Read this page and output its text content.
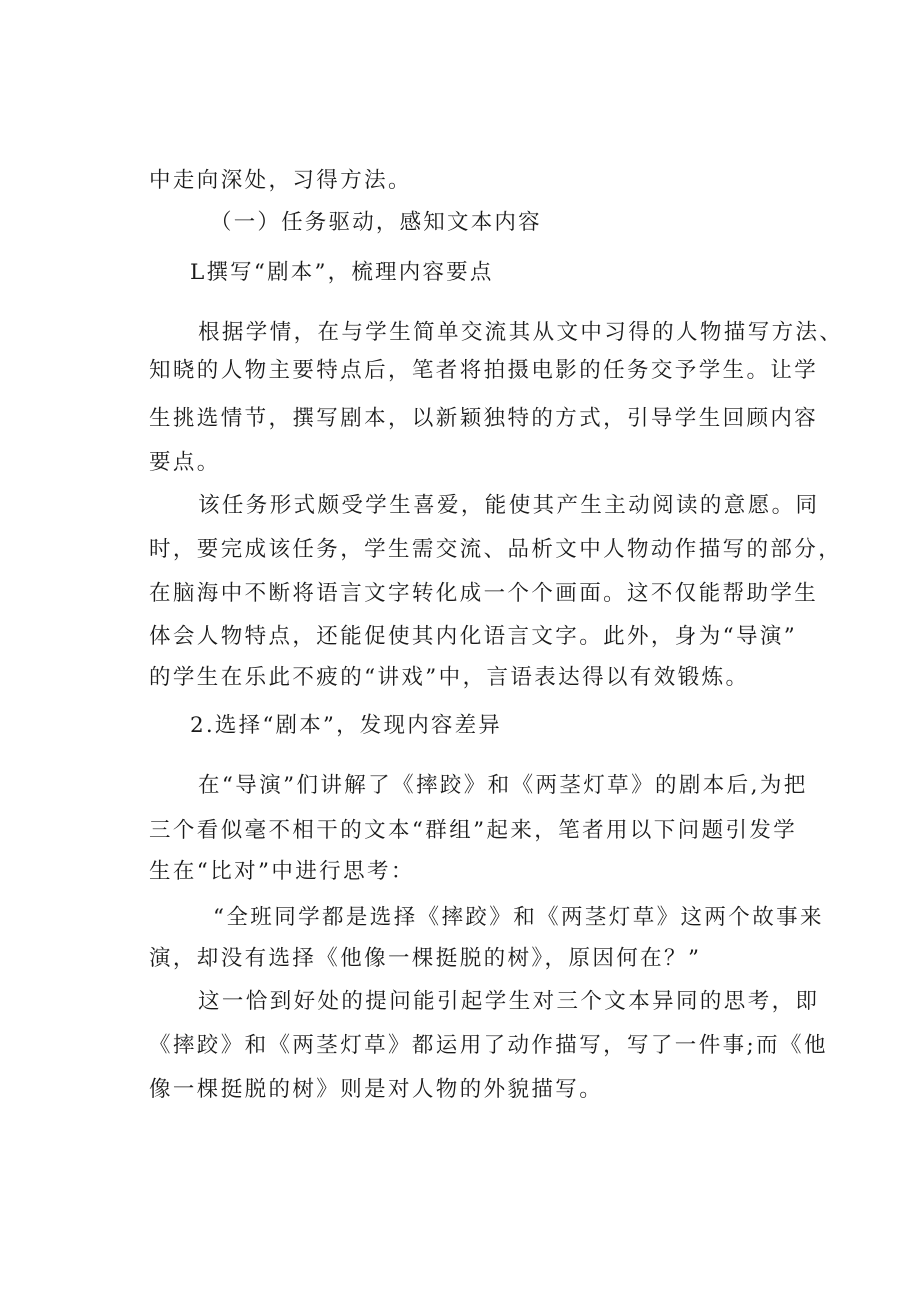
中走向深处，习得方法。
（一）任务驱动，感知文本内容
L撰写“剧本”，梳理内容要点
根据学情，在与学生简单交流其从文中习得的人物描写方法、
知晓的人物主要特点后，笔者将拍摄电影的任务交予学生。让学
生挑选情节，撰写剧本，以新颖独特的方式，引导学生回顾内容
要点。
该任务形式颇受学生喜爱，能使其产生主动阅读的意愿。同
时，要完成该任务，学生需交流、品析文中人物动作描写的部分，
在脑海中不断将语言文字转化成一个个画面。这不仅能帮助学生
体会人物特点，还能促使其内化语言文字。此外，身为“导演”
的学生在乐此不疲的“讲戏”中，言语表达得以有效锻炼。
2.选择“剧本”，发现内容差异
在“导演”们讲解了《摔跤》和《两茎灯草》的剧本后,为把
三个看似毫不相干的文本“群组”起来，笔者用以下问题引发学
生在“比对”中进行思考：
“全班同学都是选择《摔跤》和《两茎灯草》这两个故事来
演，却没有选择《他像一棵挺脱的树》，原因何在？”
这一恰到好处的提问能引起学生对三个文本异同的思考，即
《摔跤》和《两茎灯草》都运用了动作描写，写了一件事;而《他
像一棵挺脱的树》则是对人物的外貌描写。
